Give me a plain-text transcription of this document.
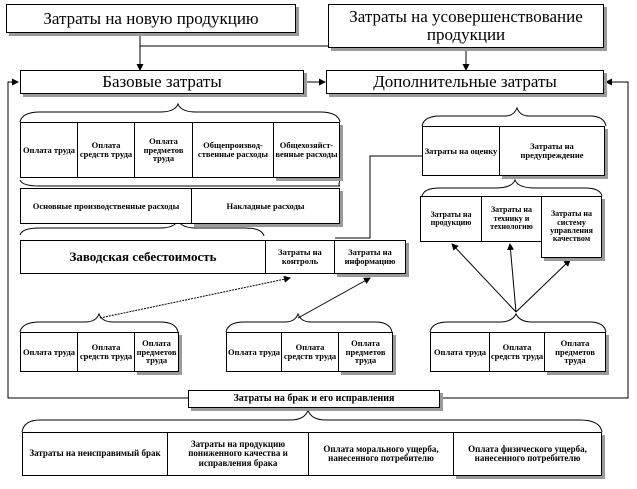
Затраты на новую продукцию	Затраты на усовершенствование продукции
Базовые затраты	Дополнительные затраты
Оплата труда	Оплата средств труда
Оплата предметов труда
Общепроизвод-ственные расходы
Общехозяйст-венные расходы
Основные производственные расходы	Накладные расходы
Заводская себестоимость	Затраты на контроль
Затраты на информацию
Затраты на оценку	Затраты на предупреждение
Затраты на продукцию
Затраты на технику и технологию
Затраты на систему управления качеством
Оплата труда	Оплата средств труда
Оплата предметов труда
Оплата труда	Оплата средств труда
Оплата предметов труда
Оплата труда	Оплата средств труда
Оплата предметов труда
Затраты на брак и его исправления
Затраты на неисправимый брак
Затраты на продукцию пониженного качества и исправления брака
Оплата морального ущерба, нанесенного потребителю
Оплата физического ущерба, нанесенного потребителю
